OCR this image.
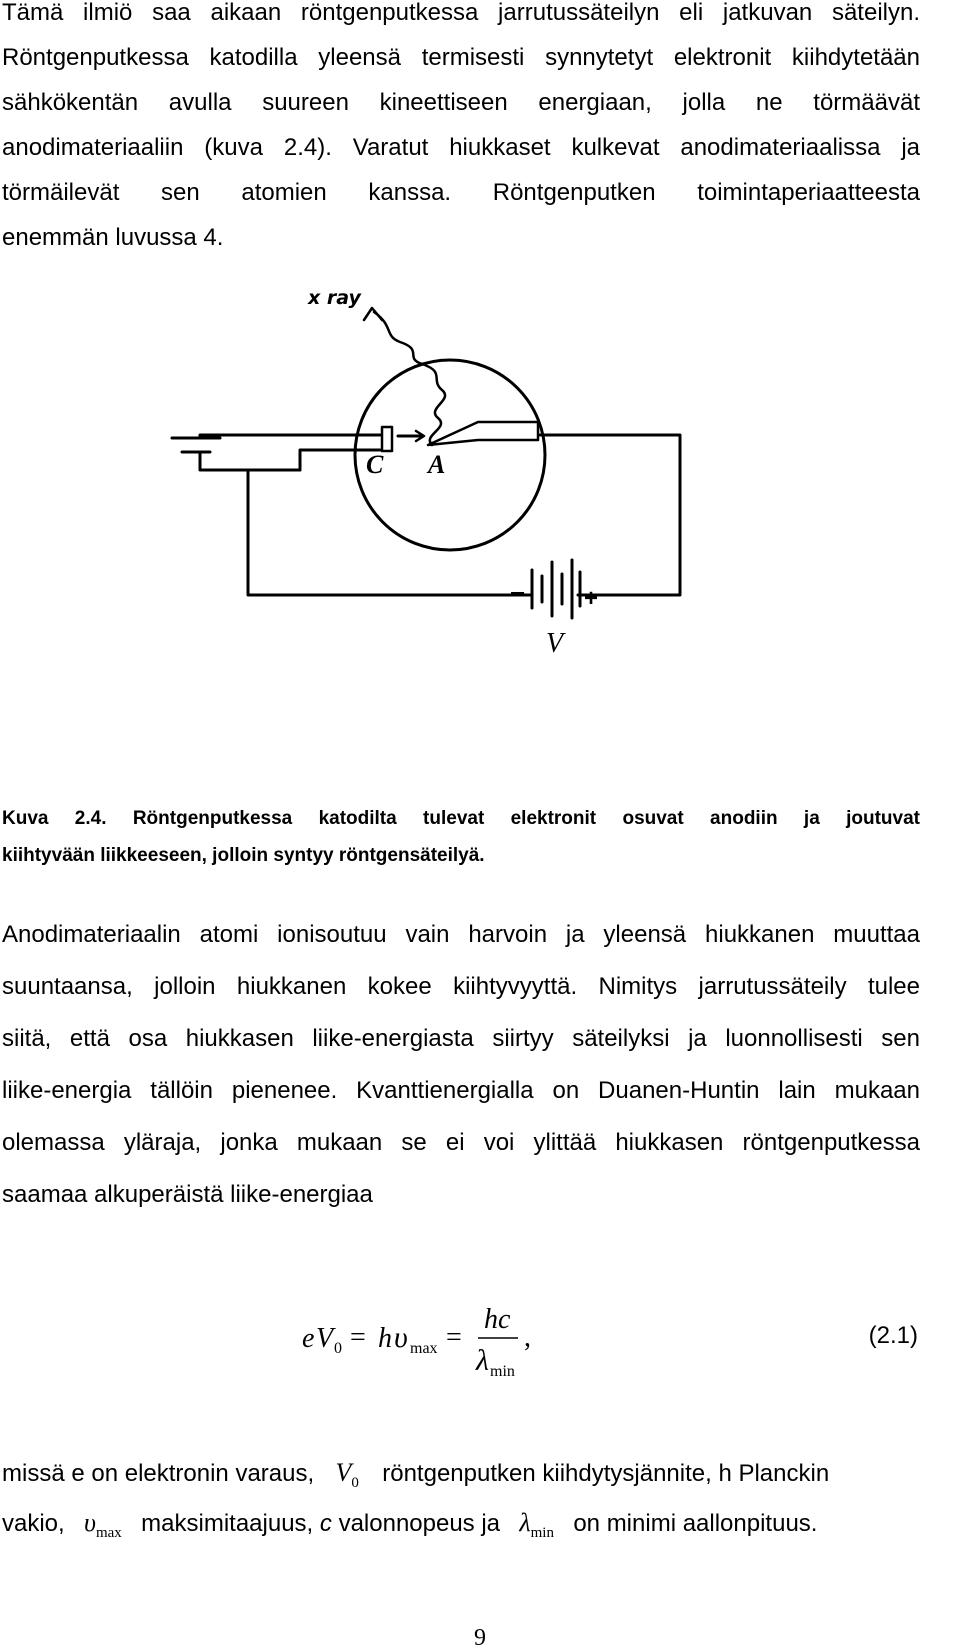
Tämä ilmiö saa aikaan röntgenputkessa jarrutussäteilyn eli jatkuvan säteilyn.
Röntgenputkessa katodilla yleensä termisesti synnytetyt elektronit kiihdytetään
sähkökentän avulla suureen kineettiseen energiaan, jolla ne törmäävät
anodimateriaaliin (kuva 2.4). Varatut hiukkaset kulkevat anodimateriaalissa ja
törmäilevät sen atomien kanssa. Röntgenputken toimintaperiaatteesta
enemmän luvussa 4.
x ray
C A
− +
V
Kuva 2.4. Röntgenputkessa katodilta tulevat elektronit osuvat anodiin ja joutuvat
kiihtyvään liikkeeseen, jolloin syntyy röntgensäteilyä.
Anodimateriaalin atomi ionisoutuu vain harvoin ja yleensä hiukkanen muuttaa
suuntaansa, jolloin hiukkanen kokee kiihtyvyyttä. Nimitys jarrutussäteily tulee
siitä, että osa hiukkasen liike-energiasta siirtyy säteilyksi ja luonnollisesti sen
liike-energia tällöin pienenee. Kvanttienergialla on Duanen-Huntin lain mukaan
olemassa yläraja, jonka mukaan se ei voi ylittää hiukkasen röntgenputkessa
saamaa alkuperäistä liike-energiaa
e V 0 = h υ max =
hc
λ min
,	(2.1)
missä e on elektronin varaus, $V_0$ röntgenputken kiihdytysjännite, h Planckin
vakio, $\upsilon_{max}$ maksimitaajuus, c valonnopeus ja $\lambda_{min}$ on minimi aallonpituus.
9
